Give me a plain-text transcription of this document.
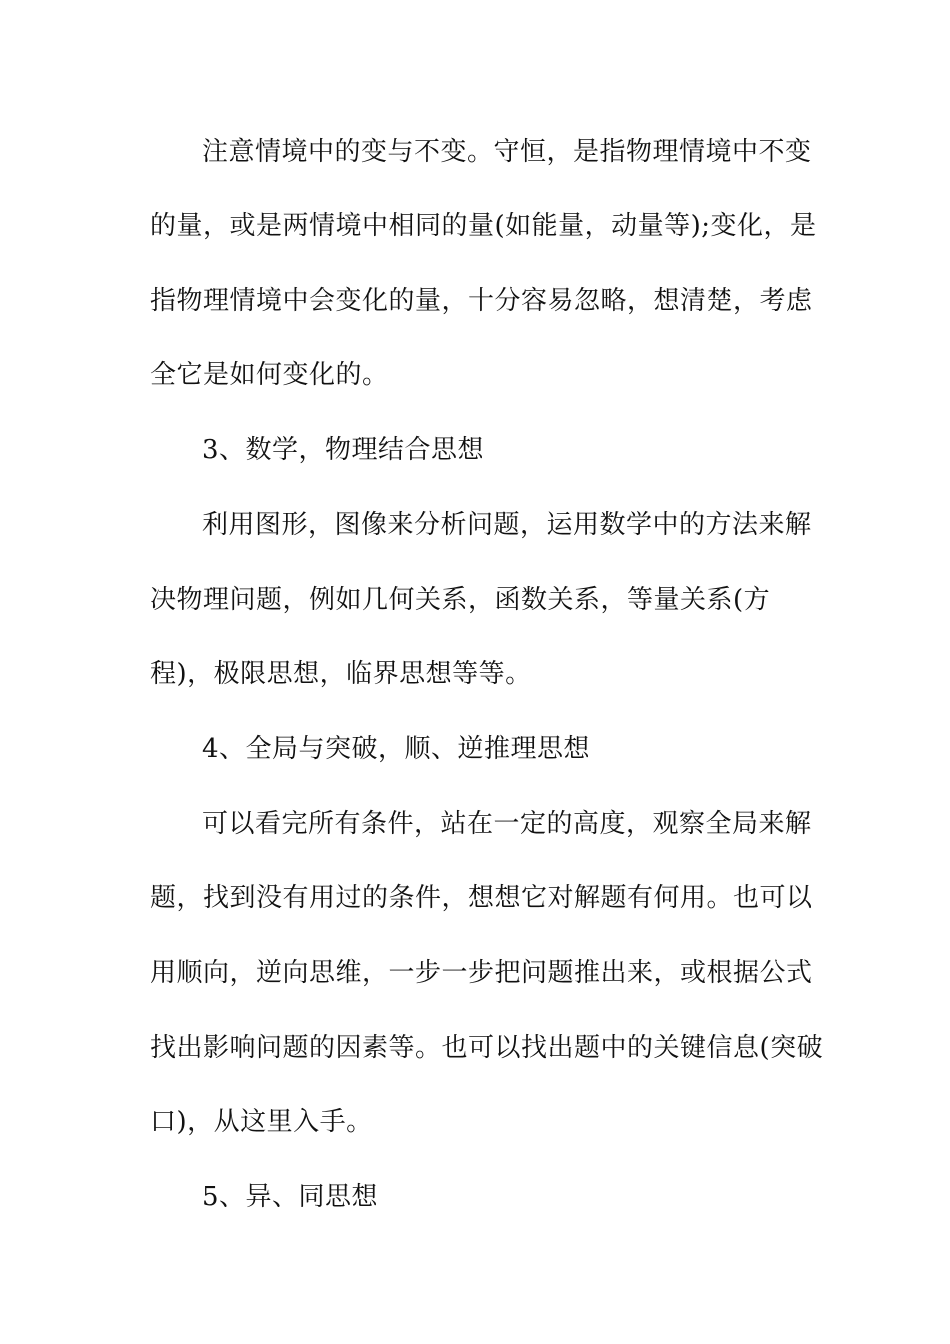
注意情境中的变与不变。守恒，是指物理情境中不变
的量，或是两情境中相同的量(如能量，动量等);变化，是
指物理情境中会变化的量，十分容易忽略，想清楚，考虑
全它是如何变化的。
3、数学，物理结合思想
利用图形，图像来分析问题，运用数学中的方法来解
决物理问题，例如几何关系，函数关系，等量关系(方
程)，极限思想，临界思想等等。
4、全局与突破，顺、逆推理思想
可以看完所有条件，站在一定的高度，观察全局来解
题，找到没有用过的条件，想想它对解题有何用。也可以
用顺向，逆向思维，一步一步把问题推出来，或根据公式
找出影响问题的因素等。也可以找出题中的关键信息(突破
口)，从这里入手。
5、异、同思想
